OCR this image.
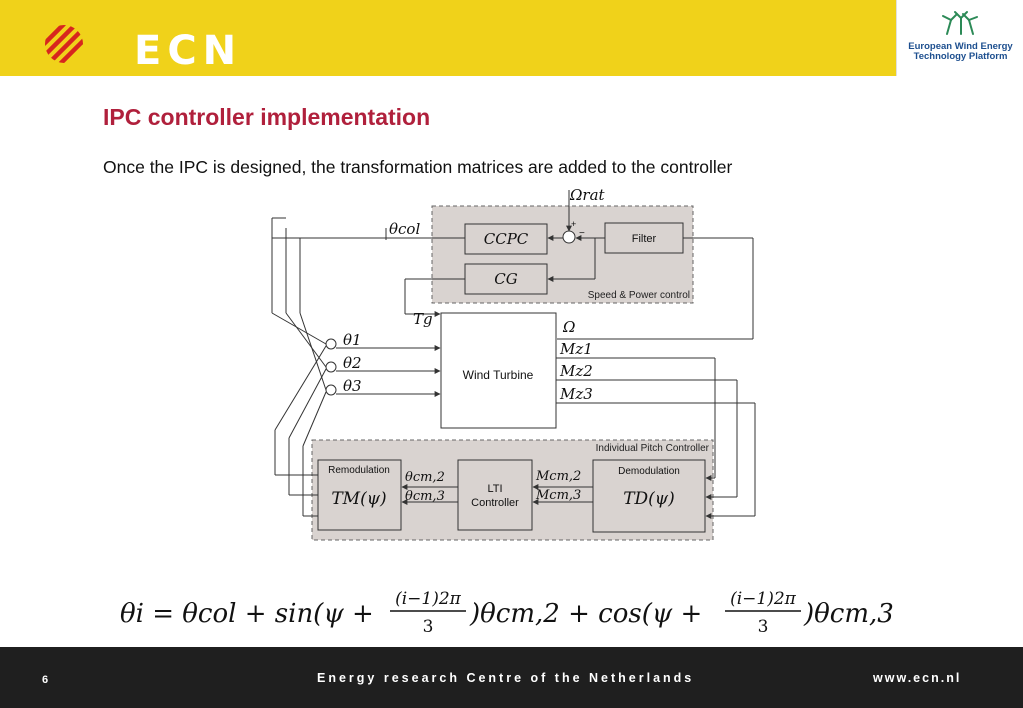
ECN	European Wind Energy
Technology Platform
IPC controller implementation
Once the IPC is designed, the transformation matrices are added to the controller
Speed & Power control
Individual Pitch Controller
Ωrat
+
−
CCPC	Filter
CG
θcol
Tg
Wind Turbine
Ω
Mz1
Mz2
Mz3
θ1
θ2
θ3
Remodulation
TM(ψ)	LTI
Controller
Demodulation
TD(ψ)
θcm,2
θcm,3
Mcm,2
Mcm,3
θi = θcol + sin(ψ + (i−1)2π
3 )θcm,2 + cos(ψ + (i−1)2π
3 )θcm,3
6	Energy research Centre of the Netherlands	www.ecn.nl
